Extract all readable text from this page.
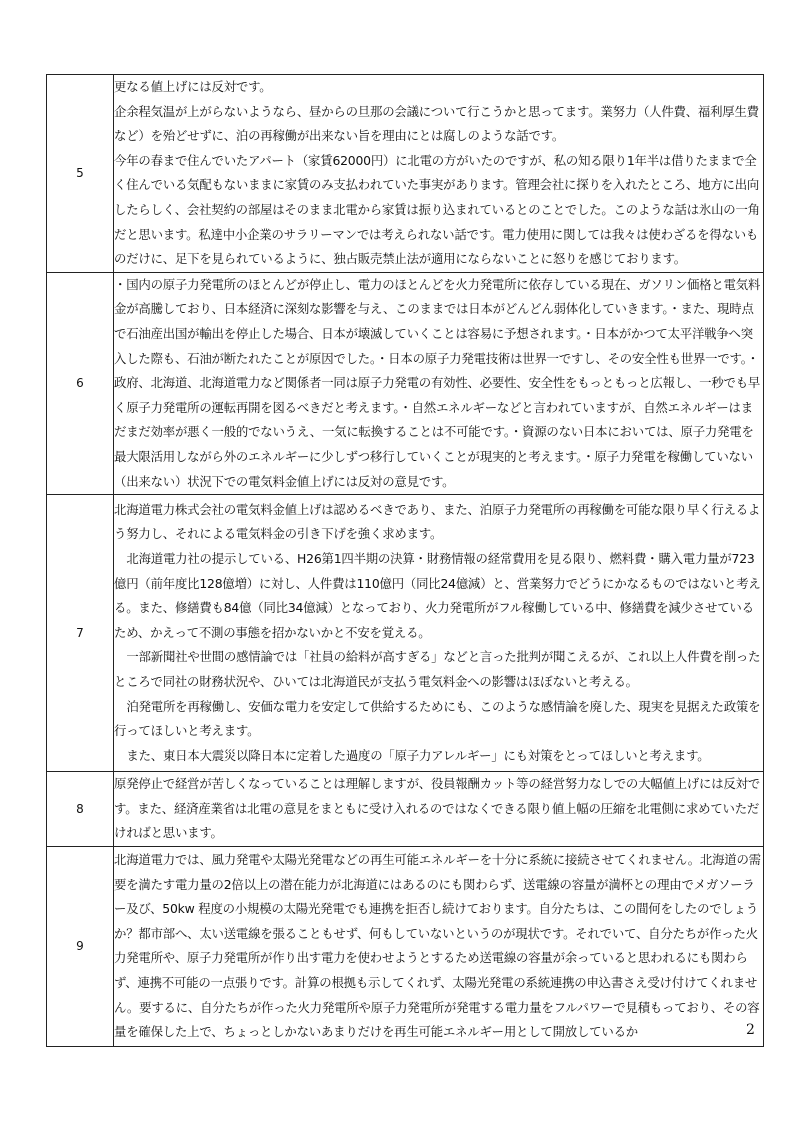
5	更なる値上げには反対です。

企余程気温が上がらないようなら、昼からの旦那の会議について行こうかと思ってます。業努力（人件費、福利厚生費など）を殆どせずに、泊の再稼働が出来ない旨を理由にとは腐しのような話です。

今年の春まで住んでいたアパート（家賃62000円）に北電の方がいたのですが、私の知る限り1年半は借りたままで全く住んでいる気配もないままに家賃のみ支払われていた事実があります。管理会社に探りを入れたところ、地方に出向したらしく、会社契約の部屋はそのまま北電から家賃は振り込まれているとのことでした。このような話は氷山の一角だと思います。私達中小企業のサラリーマンでは考えられない話です。電力使用に関しては我々は使わざるを得ないものだけに、足下を見られているように、独占販売禁止法が適用にならないことに怒りを感じております。

6	・国内の原子力発電所のほとんどが停止し、電力のほとんどを火力発電所に依存している現在、ガソリン価格と電気料金が高騰しており、日本経済に深刻な影響を与え、このままでは日本がどんどん弱体化していきます。・また、現時点で石油産出国が輸出を停止した場合、日本が壊滅していくことは容易に予想されます。・日本がかつて太平洋戦争へ突入した際も、石油が断たれたことが原因でした。・日本の原子力発電技術は世界一ですし、その安全性も世界一です。・政府、北海道、北海道電力など関係者一同は原子力発電の有効性、必要性、安全性をもっともっと広報し、一秒でも早く原子力発電所の運転再開を図るべきだと考えます。・自然エネルギーなどと言われていますが、自然エネルギーはまだまだ効率が悪く一般的でないうえ、一気に転換することは不可能です。・資源のない日本においては、原子力発電を最大限活用しながら外のエネルギーに少しずつ移行していくことが現実的と考えます。・原子力発電を稼働していない（出来ない）状況下での電気料金値上げには反対の意見です。

7	北海道電力株式会社の電気料金値上げは認めるべきであり、また、泊原子力発電所の再稼働を可能な限り早く行えるよう努力し、それによる電気料金の引き下げを強く求めます。

北海道電力社の提示している、H26第1四半期の決算・財務情報の経常費用を見る限り、燃料費・購入電力量が723億円（前年度比128億増）に対し、人件費は110億円（同比24億減）と、営業努力でどうにかなるものではないと考える。また、修繕費も84億（同比34億減）となっており、火力発電所がフル稼働している中、修繕費を減少させているため、かえって不測の事態を招かないかと不安を覚える。

一部新聞社や世間の感情論では「社員の給料が高すぎる」などと言った批判が聞こえるが、これ以上人件費を削ったところで同社の財務状況や、ひいては北海道民が支払う電気料金への影響はほぼないと考える。

泊発電所を再稼働し、安価な電力を安定して供給するためにも、このような感情論を廃した、現実を見据えた政策を行ってほしいと考えます。

また、東日本大震災以降日本に定着した過度の「原子力アレルギー」にも対策をとってほしいと考えます。

8	原発停止で経営が苦しくなっていることは理解しますが、役員報酬カット等の経営努力なしでの大幅値上げには反対です。また、経済産業省は北電の意見をまともに受け入れるのではなくできる限り値上幅の圧縮を北電側に求めていただければと思います。

9	北海道電力では、風力発電や太陽光発電などの再生可能エネルギーを十分に系統に接続させてくれません。北海道の需要を満たす電力量の2倍以上の潜在能力が北海道にはあるのにも関わらず、送電線の容量が満杯との理由でメガソーラー及び、50kw 程度の小規模の太陽光発電でも連携を拒否し続けております。自分たちは、この間何をしたのでしょうか？都市部へ、太い送電線を張ることもせず、何もしていないというのが現状です。それでいて、自分たちが作った火力発電所や、原子力発電所が作り出す電力を使わせようとするため送電線の容量が余っていると思われるにも関わらず、連携不可能の一点張りです。計算の根拠も示してくれず、太陽光発電の系統連携の申込書さえ受け付けてくれません。要するに、自分たちが作った火力発電所や原子力発電所が発電する電力量をフルパワーで見積もっており、その容量を確保した上で、ちょっとしかないあまりだけを再生可能エネルギー用として開放しているか	2
